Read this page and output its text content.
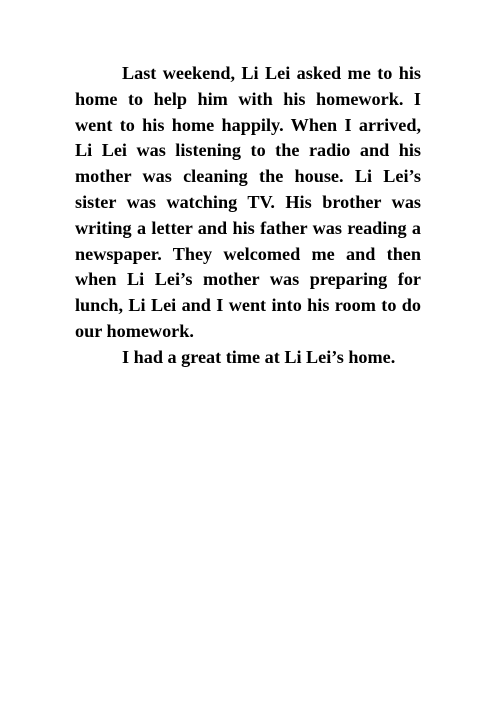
Last weekend, Li Lei asked me to his home to help him with his homework. I went to his home happily. When I arrived, Li Lei was listening to the radio and his mother was cleaning the house. Li Lei’s sister was watching TV. His brother was writing a letter and his father was reading a newspaper. They welcomed me and then when Li Lei’s mother was preparing for lunch, Li Lei and I went into his room to do our homework.

I had a great time at Li Lei’s home.
